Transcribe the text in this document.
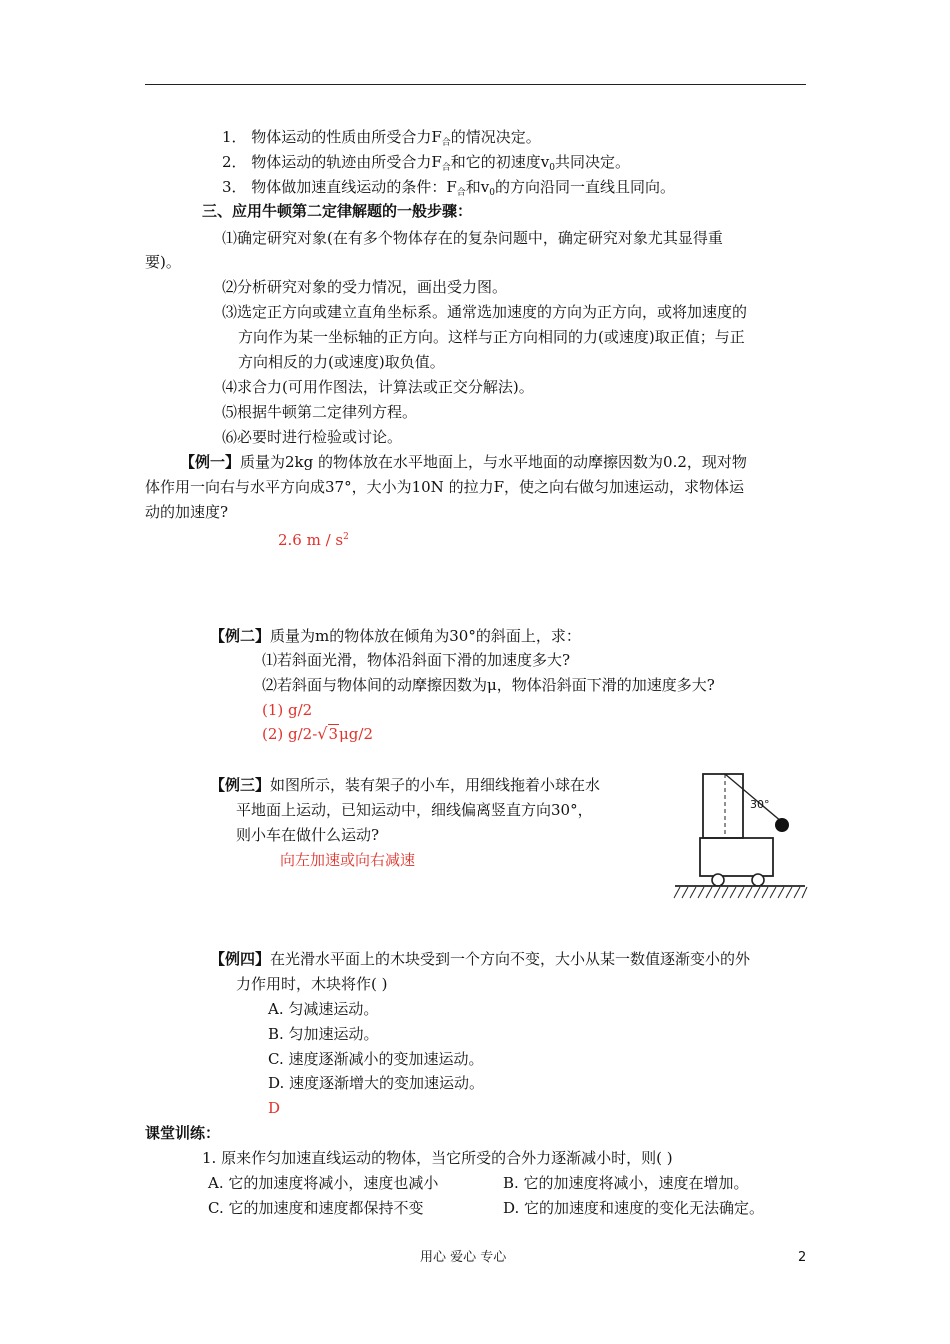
1． 物体运动的性质由所受合力$F_合$的情况决定。
2． 物体运动的轨迹由所受合力$F_合$和它的初速度$v_0$共同决定。
3． 物体做加速直线运动的条件：$F_合$和$v_0$的方向沿同一直线且同向。
三、应用牛顿第二定律解题的一般步骤：
⑴确定研究对象(在有多个物体存在的复杂问题中，确定研究对象尤其显得重
要)。
⑵分析研究对象的受力情况，画出受力图。
⑶选定正方向或建立直角坐标系。通常选加速度的方向为正方向，或将加速度的
方向作为某一坐标轴的正方向。这样与正方向相同的力(或速度)取正值；与正
方向相反的力(或速度)取负值。
⑷求合力(可用作图法，计算法或正交分解法)。
⑸根据牛顿第二定律列方程。
⑹必要时进行检验或讨论。
【例一】质量为2kg 的物体放在水平地面上，与水平地面的动摩擦因数为0.2，现对物
体作用一向右与水平方向成37°，大小为10N 的拉力F，使之向右做匀加速运动，求物体运
动的加速度?
2.6 m / $s^2$
【例二】质量为m的物体放在倾角为30°的斜面上，求：
⑴若斜面光滑，物体沿斜面下滑的加速度多大?
⑵若斜面与物体间的动摩擦因数为μ，物体沿斜面下滑的加速度多大?
(1) g/2
(2) g/2-√3μg/2
【例三】如图所示，装有架子的小车，用细线拖着小球在水
平地面上运动，已知运动中，细线偏离竖直方向30°，
则小车在做什么运动?
向左加速或向右减速
30°
【例四】在光滑水平面上的木块受到一个方向不变，大小从某一数值逐渐变小的外
力作用时，木块将作( )
A. 匀减速运动。
B. 匀加速运动。
C. 速度逐渐减小的变加速运动。
D. 速度逐渐增大的变加速运动。
D
课堂训练：
1. 原来作匀加速直线运动的物体，当它所受的合外力逐渐减小时，则( )
A. 它的加速度将减小，速度也减小	B. 它的加速度将减小，速度在增加。
C. 它的加速度和速度都保持不变	D. 它的加速度和速度的变化无法确定。
用心 爱心 专心	2
